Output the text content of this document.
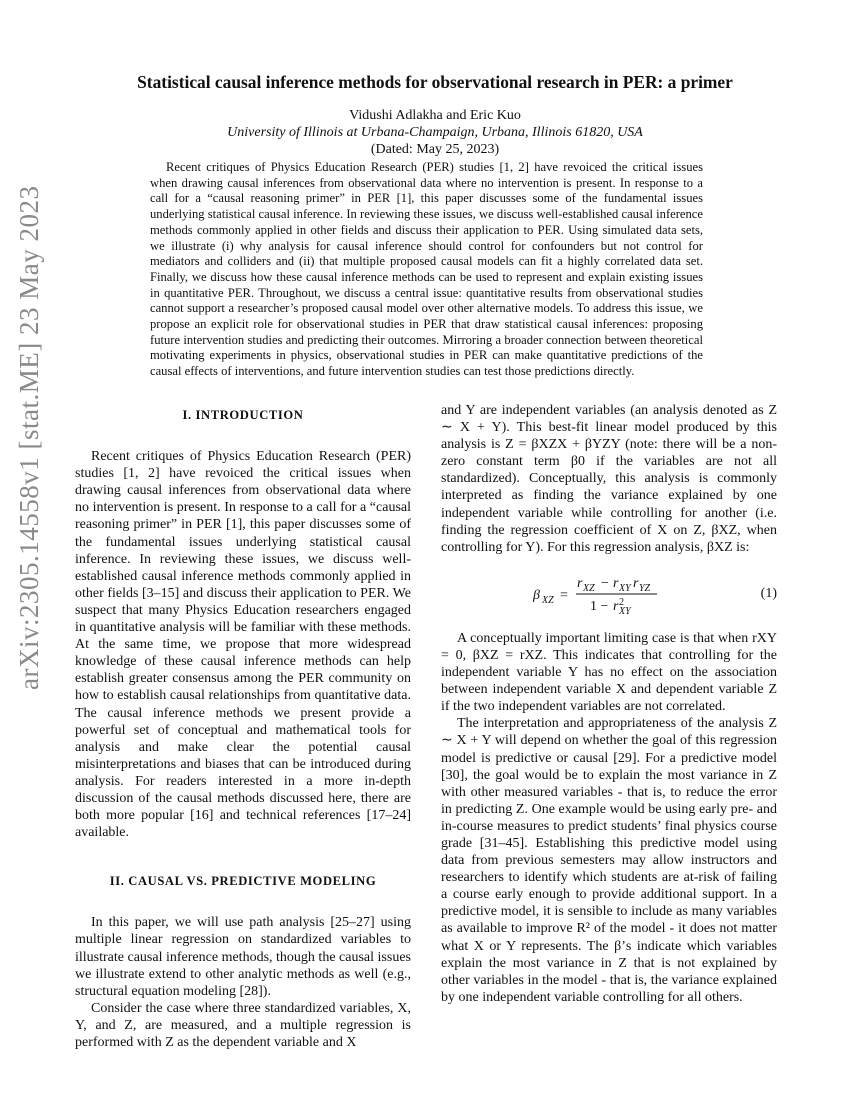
arXiv:2305.14558v1 [stat.ME] 23 May 2023
Statistical causal inference methods for observational research in PER: a primer
Vidushi Adlakha and Eric Kuo
University of Illinois at Urbana-Champaign, Urbana, Illinois 61820, USA
(Dated: May 25, 2023)
Recent critiques of Physics Education Research (PER) studies [1, 2] have revoiced the critical issues when drawing causal inferences from observational data where no intervention is present. In response to a call for a “causal reasoning primer” in PER [1], this paper discusses some of the fundamental issues underlying statistical causal inference. In reviewing these issues, we discuss well-established causal inference methods commonly applied in other fields and discuss their application to PER. Using simulated data sets, we illustrate (i) why analysis for causal inference should control for confounders but not control for mediators and colliders and (ii) that multiple proposed causal models can fit a highly correlated data set. Finally, we discuss how these causal inference methods can be used to represent and explain existing issues in quantitative PER. Throughout, we discuss a central issue: quantitative results from observational studies cannot support a researcher’s proposed causal model over other alternative models. To address this issue, we propose an explicit role for observational studies in PER that draw statistical causal inferences: proposing future intervention studies and predicting their outcomes. Mirroring a broader connection between theoretical motivating experiments in physics, observational studies in PER can make quantitative predictions of the causal effects of interventions, and future intervention studies can test those predictions directly.
I. INTRODUCTION

Recent critiques of Physics Education Research (PER) studies [1, 2] have revoiced the critical issues when drawing causal inferences from observational data where no intervention is present. In response to a call for a “causal reasoning primer” in PER [1], this paper discusses some of the fundamental issues underlying statistical causal inference. In reviewing these issues, we discuss well-established causal inference methods commonly applied in other fields [3–15] and discuss their application to PER. We suspect that many Physics Education researchers engaged in quantitative analysis will be familiar with these methods. At the same time, we propose that more widespread knowledge of these causal inference methods can help establish greater consensus among the PER community on how to establish causal relationships from quantitative data. The causal inference methods we present provide a powerful set of conceptual and mathematical tools for analysis and make clear the potential causal misinterpretations and biases that can be introduced during analysis. For readers interested in a more in-depth discussion of the causal methods discussed here, there are both more popular [16] and technical references [17–24] available.

II. CAUSAL VS. PREDICTIVE MODELING

In this paper, we will use path analysis [25–27] using multiple linear regression on standardized variables to illustrate causal inference methods, though the causal issues we illustrate extend to other analytic methods as well (e.g., structural equation modeling [28]).

Consider the case where three standardized variables, X, Y, and Z, are measured, and a multiple regression is performed with Z as the dependent variable and X

and Y are independent variables (an analysis denoted as Z ∼ X + Y). This best-fit linear model produced by this analysis is Z = βXZX + βYZY (note: there will be a non-zero constant term β0 if the variables are not all standardized). Conceptually, this analysis is commonly interpreted as finding the variance explained by one independent variable while controlling for another (i.e. finding the regression coefficient of X on Z, βXZ, when controlling for Y). For this regression analysis, βXZ is:

β XZ =
r XZ − r XY r YZ
1 − r 2
XY
(1)

A conceptually important limiting case is that when rXY = 0, βXZ = rXZ. This indicates that controlling for the independent variable Y has no effect on the association between independent variable X and dependent variable Z if the two independent variables are not correlated.

The interpretation and appropriateness of the analysis Z ∼ X + Y will depend on whether the goal of this regression model is predictive or causal [29]. For a predictive model [30], the goal would be to explain the most variance in Z with other measured variables - that is, to reduce the error in predicting Z. One example would be using early pre- and in-course measures to predict students’ final physics course grade [31–45]. Establishing this predictive model using data from previous semesters may allow instructors and researchers to identify which students are at-risk of failing a course early enough to provide additional support. In a predictive model, it is sensible to include as many variables as available to improve R² of the model - it does not matter what X or Y represents. The β’s indicate which variables explain the most variance in Z that is not explained by other variables in the model - that is, the variance explained by one independent variable controlling for all others.
